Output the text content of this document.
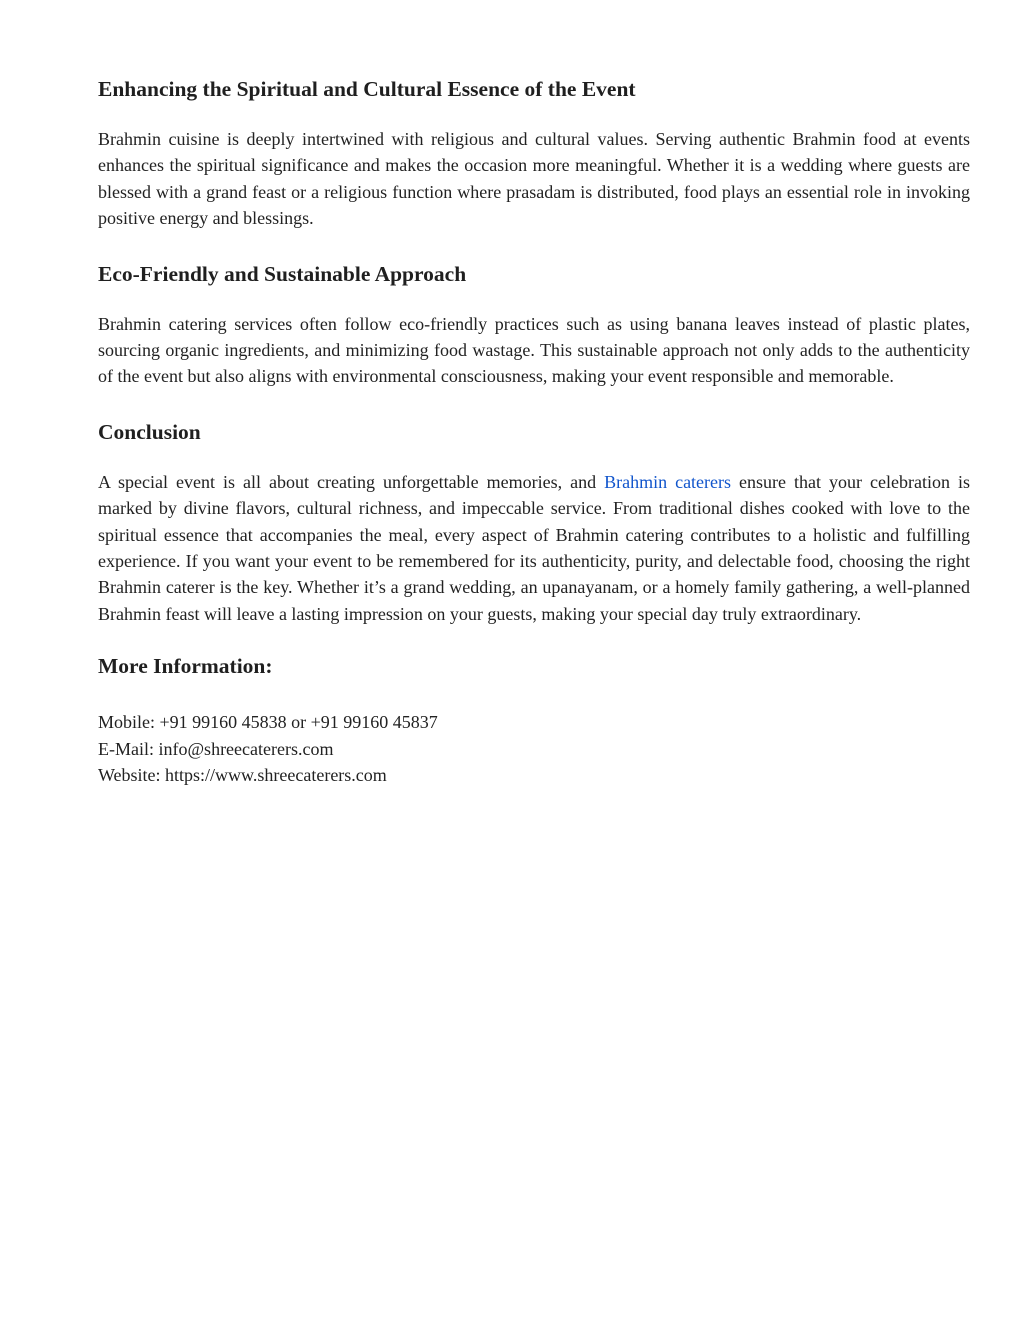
Enhancing the Spiritual and Cultural Essence of the Event

Brahmin cuisine is deeply intertwined with religious and cultural values. Serving authentic Brahmin food at events enhances the spiritual significance and makes the occasion more meaningful. Whether it is a wedding where guests are blessed with a grand feast or a religious function where prasadam is distributed, food plays an essential role in invoking positive energy and blessings.

Eco-Friendly and Sustainable Approach

Brahmin catering services often follow eco-friendly practices such as using banana leaves instead of plastic plates, sourcing organic ingredients, and minimizing food wastage. This sustainable approach not only adds to the authenticity of the event but also aligns with environmental consciousness, making your event responsible and memorable.

Conclusion

A special event is all about creating unforgettable memories, and Brahmin caterers ensure that your celebration is marked by divine flavors, cultural richness, and impeccable service. From traditional dishes cooked with love to the spiritual essence that accompanies the meal, every aspect of Brahmin catering contributes to a holistic and fulfilling experience. If you want your event to be remembered for its authenticity, purity, and delectable food, choosing the right Brahmin caterer is the key. Whether it’s a grand wedding, an upanayanam, or a homely family gathering, a well-planned Brahmin feast will leave a lasting impression on your guests, making your special day truly extraordinary.

More Information:

Mobile: +91 99160 45838 or +91 99160 45837

E-Mail: info@shreecaterers.com

Website: https://www.shreecaterers.com
